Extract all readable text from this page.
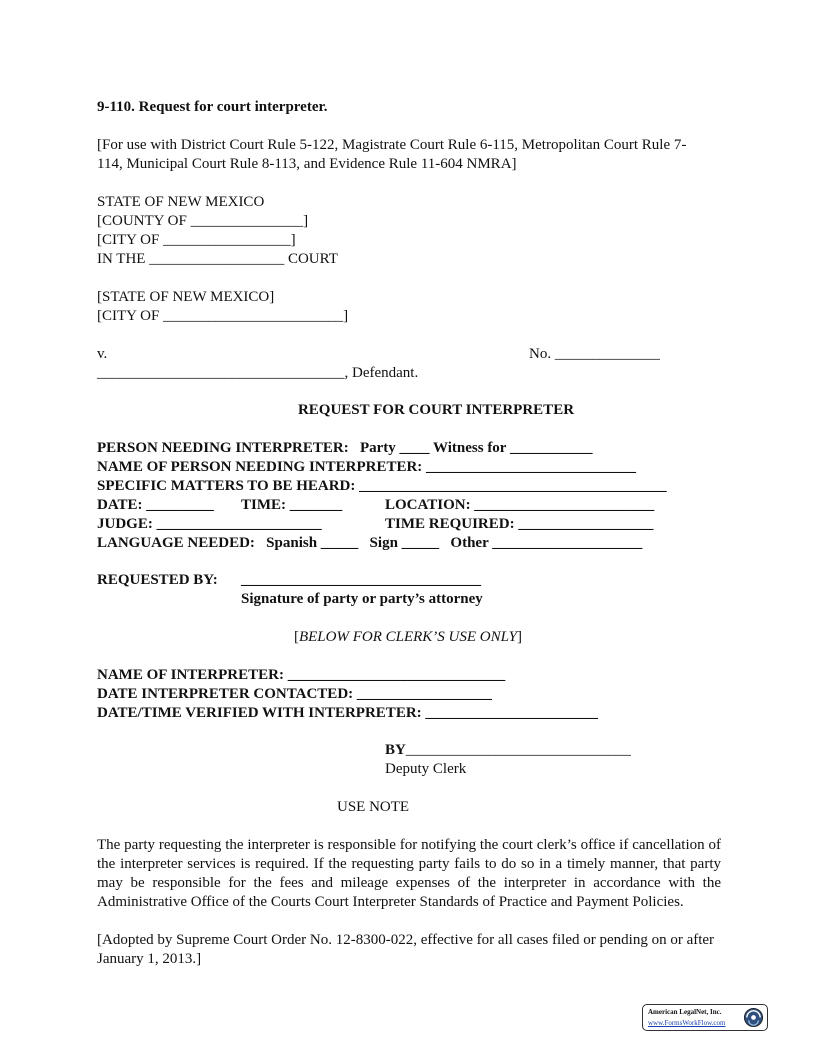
9-110. Request for court interpreter.
[For use with District Court Rule 5-122, Magistrate Court Rule 6-115, Metropolitan Court Rule 7-
114, Municipal Court Rule 8-113, and Evidence Rule 11-604 NMRA]
STATE OF NEW MEXICO
[COUNTY OF _______________]
[CITY OF _________________]
IN THE __________________ COURT
[STATE OF NEW MEXICO]
[CITY OF ________________________]
v.	No. ______________
_________________________________, Defendant.
REQUEST FOR COURT INTERPRETER
PERSON NEEDING INTERPRETER:   Party ____ Witness for ___________
NAME OF PERSON NEEDING INTERPRETER: ____________________________
SPECIFIC MATTERS TO BE HEARD: _________________________________________
DATE: _________ TIME: _______	LOCATION: ________________________
JUDGE: ______________________	TIME REQUIRED: __________________
LANGUAGE NEEDED:   Spanish _____   Sign _____   Other ____________________
REQUESTED BY: ________________________________
Signature of party or party’s attorney
[BELOW FOR CLERK’S USE ONLY]
NAME OF INTERPRETER: _____________________________
DATE INTERPRETER CONTACTED: __________________
DATE/TIME VERIFIED WITH INTERPRETER: _______________________
BY______________________________
Deputy Clerk
USE NOTE
The party requesting the interpreter is responsible for notifying the court clerk’s office if cancellation of the interpreter services is required. If the requesting party fails to do so in a timely manner, that party may be responsible for the fees and mileage expenses of the interpreter in accordance with the Administrative Office of the Courts Court Interpreter Standards of Practice and Payment Policies.
[Adopted by Supreme Court Order No. 12-8300-022, effective for all cases filed or pending on or after January 1, 2013.]
American LegalNet, Inc.
www.FormsWorkFlow.com
